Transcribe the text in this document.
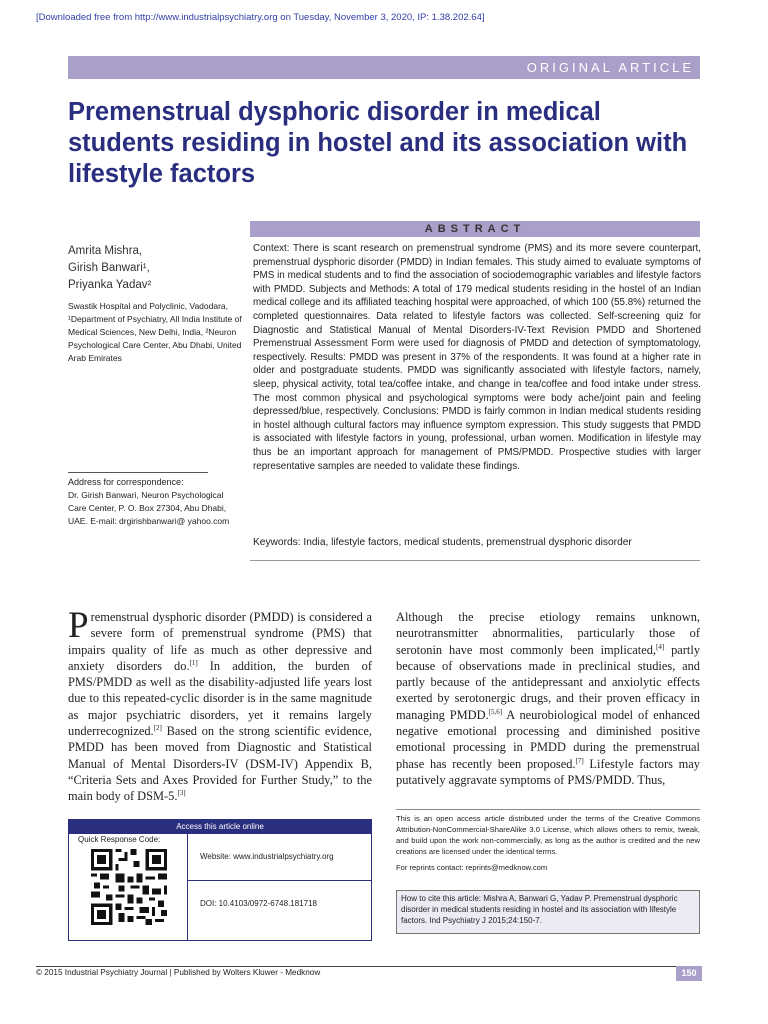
[Downloaded free from http://www.industrialpsychiatry.org on Tuesday, November 3, 2020, IP: 1.38.202.64]
ORIGINAL ARTICLE
Premenstrual dysphoric disorder in medical students residing in hostel and its association with lifestyle factors
Amrita Mishra,
Girish Banwari¹,
Priyanka Yadav²
Swastik Hospital and Polyclinic, Vadodara, ¹Department of Psychiatry, All India Institute of Medical Sciences, New Delhi, India, ²Neuron Psychological Care Center, Abu Dhabi, United Arab Emirates
Address for correspondence:
Dr. Girish Banwari, Neuron Psychological Care Center, P. O. Box 27304, Abu Dhabi, UAE. E-mail: drgirishbanwari@ yahoo.com
ABSTRACT
Context: There is scant research on premenstrual syndrome (PMS) and its more severe counterpart, premenstrual dysphoric disorder (PMDD) in Indian females. This study aimed to evaluate symptoms of PMS in medical students and to find the association of sociodemographic variables and lifestyle factors with PMDD. Subjects and Methods: A total of 179 medical students residing in the hostel of an Indian medical college and its affiliated teaching hospital were approached, of which 100 (55.8%) returned the completed questionnaires. Data related to lifestyle factors was collected. Self-screening quiz for Diagnostic and Statistical Manual of Mental Disorders-IV-Text Revision PMDD and Shortened Premenstrual Assessment Form were used for diagnosis of PMDD and detection of symptomatology, respectively. Results: PMDD was present in 37% of the respondents. It was found at a higher rate in older and postgraduate students. PMDD was significantly associated with lifestyle factors, namely, sleep, physical activity, total tea/coffee intake, and change in tea/coffee and food intake under stress. The most common physical and psychological symptoms were body ache/joint pain and feeling depressed/blue, respectively. Conclusions: PMDD is fairly common in Indian medical students residing in hostel although cultural factors may influence symptom expression. This study suggests that PMDD is associated with lifestyle factors in young, professional, urban women. Modification in lifestyle may thus be an important approach for management of PMS/PMDD. Prospective studies with larger representative samples are needed to validate these findings.
Keywords: India, lifestyle factors, medical students, premenstrual dysphoric disorder
Premenstrual dysphoric disorder (PMDD) is considered a severe form of premenstrual syndrome (PMS) that impairs quality of life as much as other depressive and anxiety disorders do.[1] In addition, the burden of PMS/PMDD as well as the disability-adjusted life years lost due to this repeated-cyclic disorder is in the same magnitude as major psychiatric disorders, yet it remains largely underrecognized.[2] Based on the strong scientific evidence, PMDD has been moved from Diagnostic and Statistical Manual of Mental Disorders-IV (DSM-IV) Appendix B, “Criteria Sets and Axes Provided for Further Study,” to the main body of DSM-5.[3]
Although the precise etiology remains unknown, neurotransmitter abnormalities, particularly those of serotonin have most commonly been implicated,[4] partly because of observations made in preclinical studies, and partly because of the antidepressant and anxiolytic effects exerted by serotonergic drugs, and their proven efficacy in managing PMDD.[5,6] A neurobiological model of enhanced negative emotional processing and diminished positive emotional processing in PMDD during the premenstrual phase has recently been proposed.[7] Lifestyle factors may putatively aggravate symptoms of PMS/PMDD. Thus,
Access this article online
Quick Response Code:
Website: www.industrialpsychiatry.org
DOI: 10.4103/0972-6748.181718
This is an open access article distributed under the terms of the Creative Commons Attribution-NonCommercial-ShareAlike 3.0 License, which allows others to remix, tweak, and build upon the work non-commercially, as long as the author is credited and the new creations are licensed under the identical terms.
For reprints contact: reprints@medknow.com
How to cite this article: Mishra A, Banwari G, Yadav P. Premenstrual dysphoric disorder in medical students residing in hostel and its association with lifestyle factors. Ind Psychiatry J 2015;24:150-7.
© 2015 Industrial Psychiatry Journal | Published by Wolters Kluwer - Medknow	150
